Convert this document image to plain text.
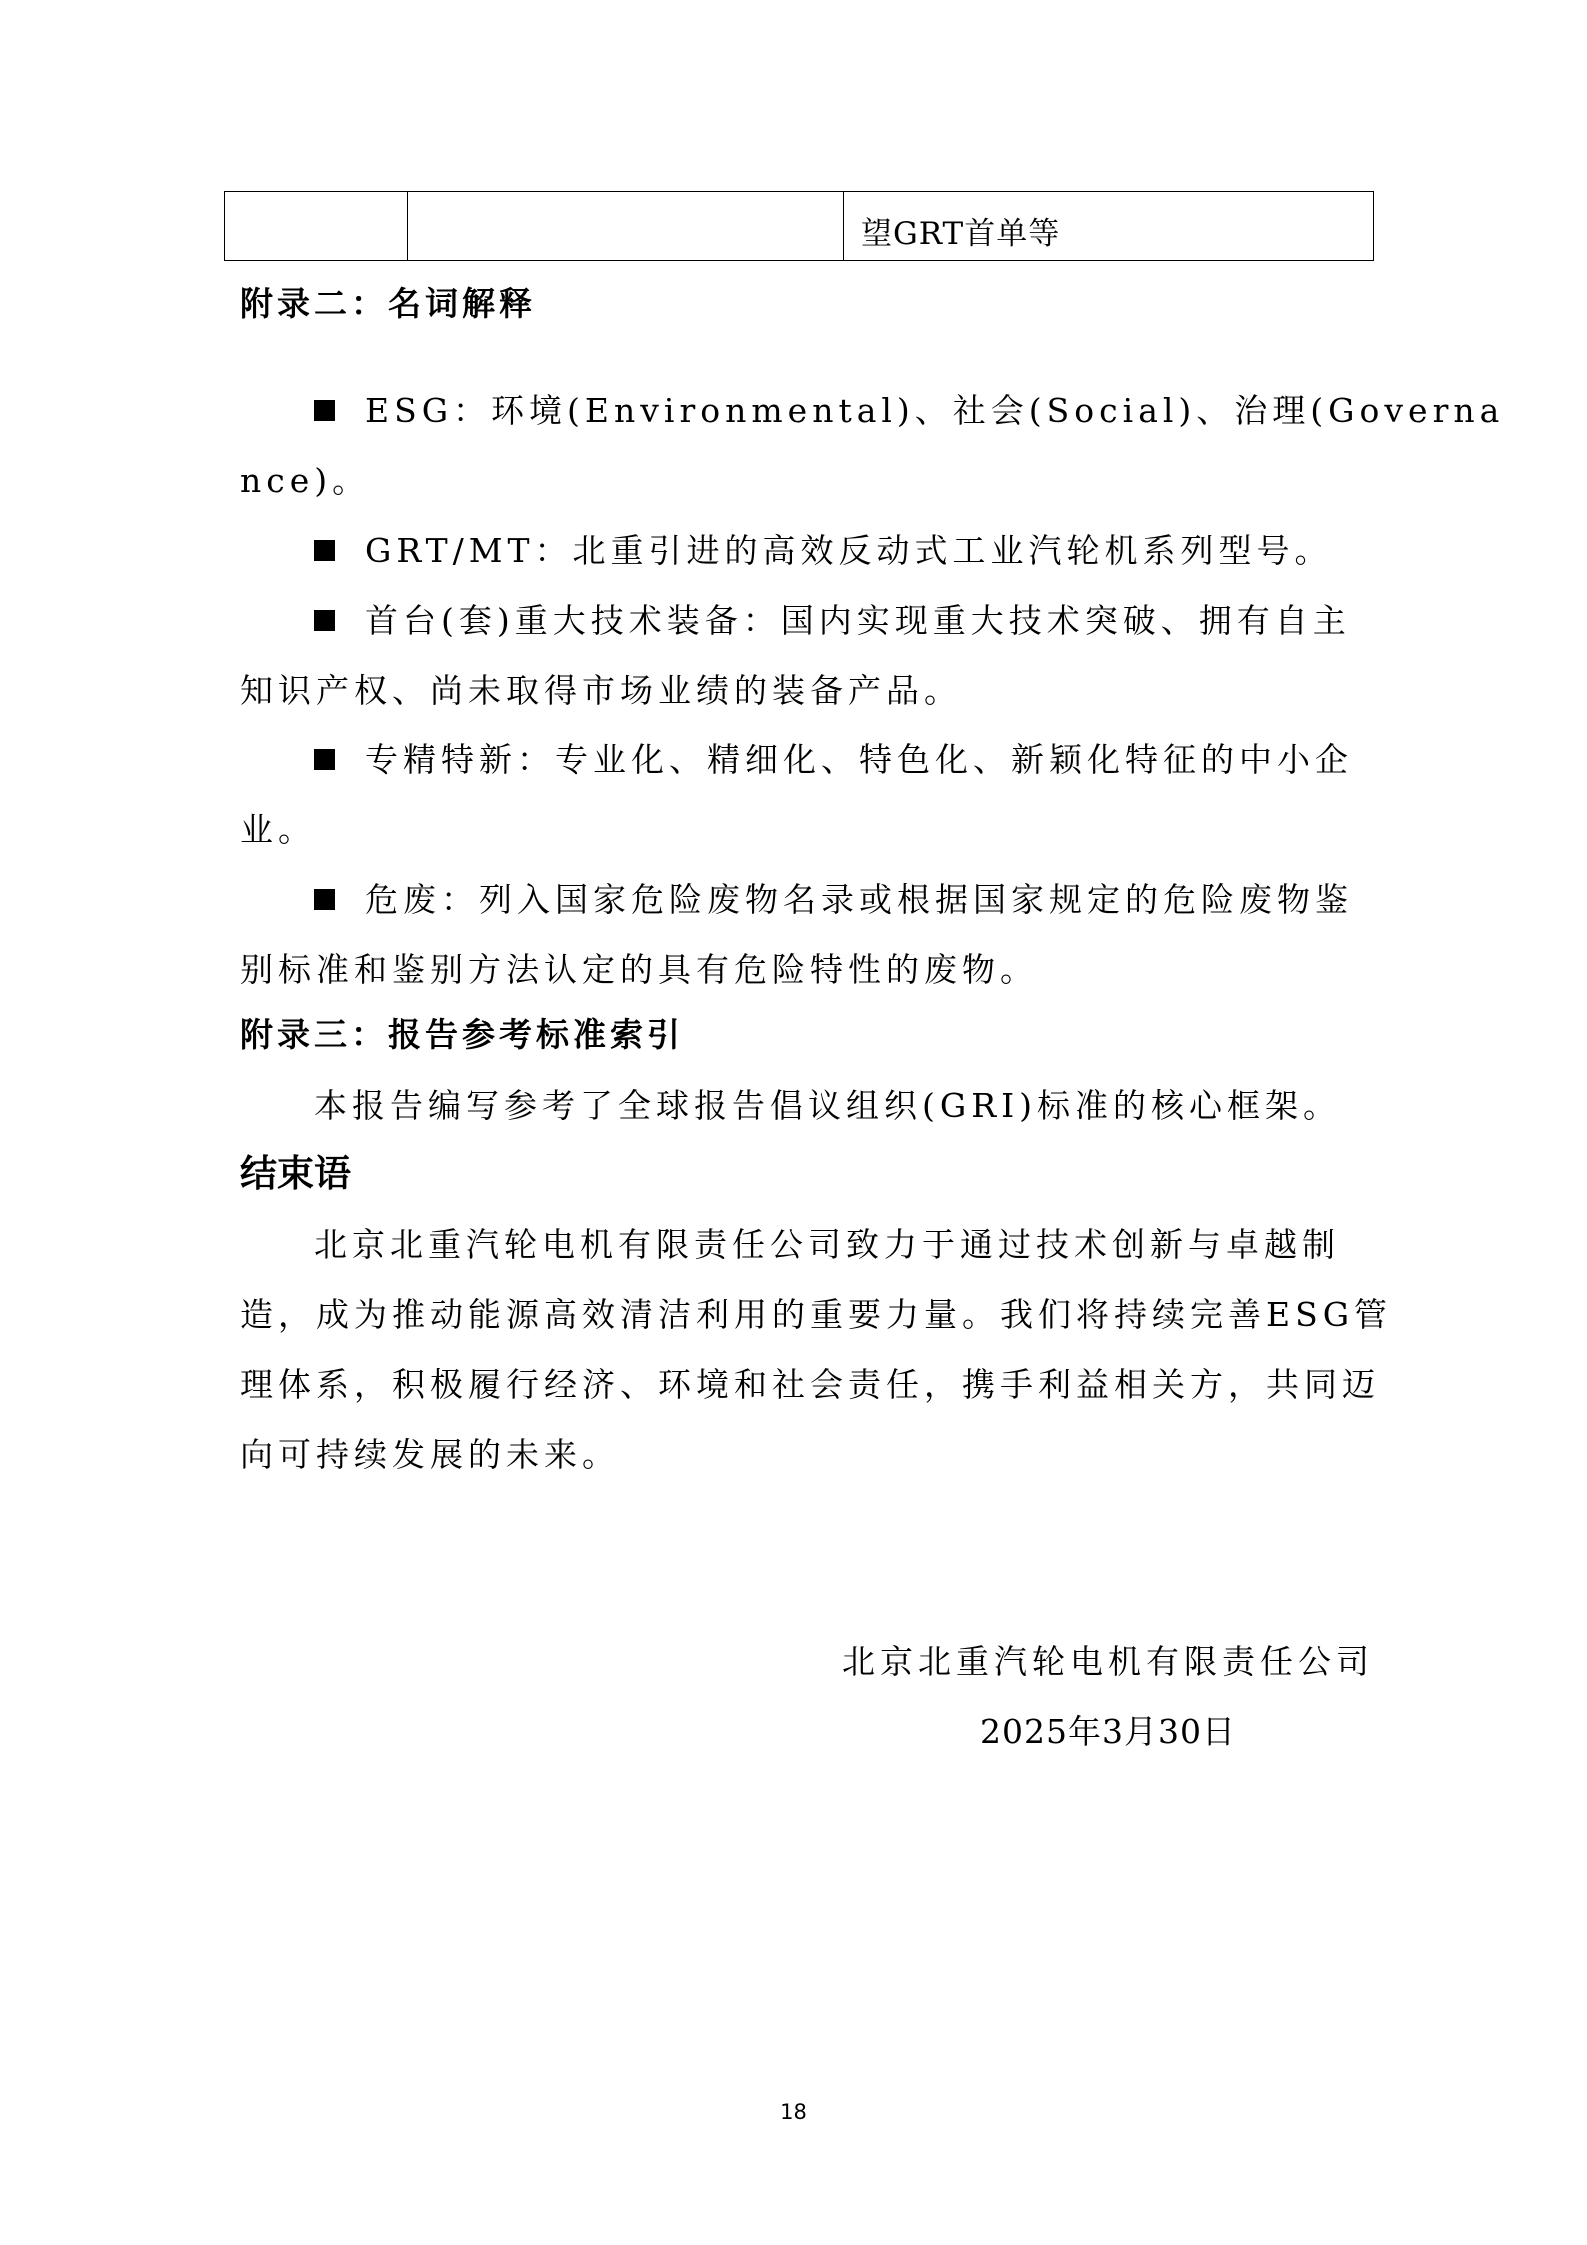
望GRT首单等
附录二：名词解释
ESG：环境(Environmental)、社会(Social)、治理(Governa
nce)。
GRT/MT：北重引进的高效反动式工业汽轮机系列型号。
首台(套)重大技术装备：国内实现重大技术突破、拥有自主
知识产权、尚未取得市场业绩的装备产品。
专精特新：专业化、精细化、特色化、新颖化特征的中小企
业。
危废：列入国家危险废物名录或根据国家规定的危险废物鉴
别标准和鉴别方法认定的具有危险特性的废物。
附录三：报告参考标准索引
本报告编写参考了全球报告倡议组织(GRI)标准的核心框架。
结束语
北京北重汽轮电机有限责任公司致力于通过技术创新与卓越制
造，成为推动能源高效清洁利用的重要力量。我们将持续完善ESG管
理体系，积极履行经济、环境和社会责任，携手利益相关方，共同迈
向可持续发展的未来。
北京北重汽轮电机有限责任公司
2025年3月30日
18
